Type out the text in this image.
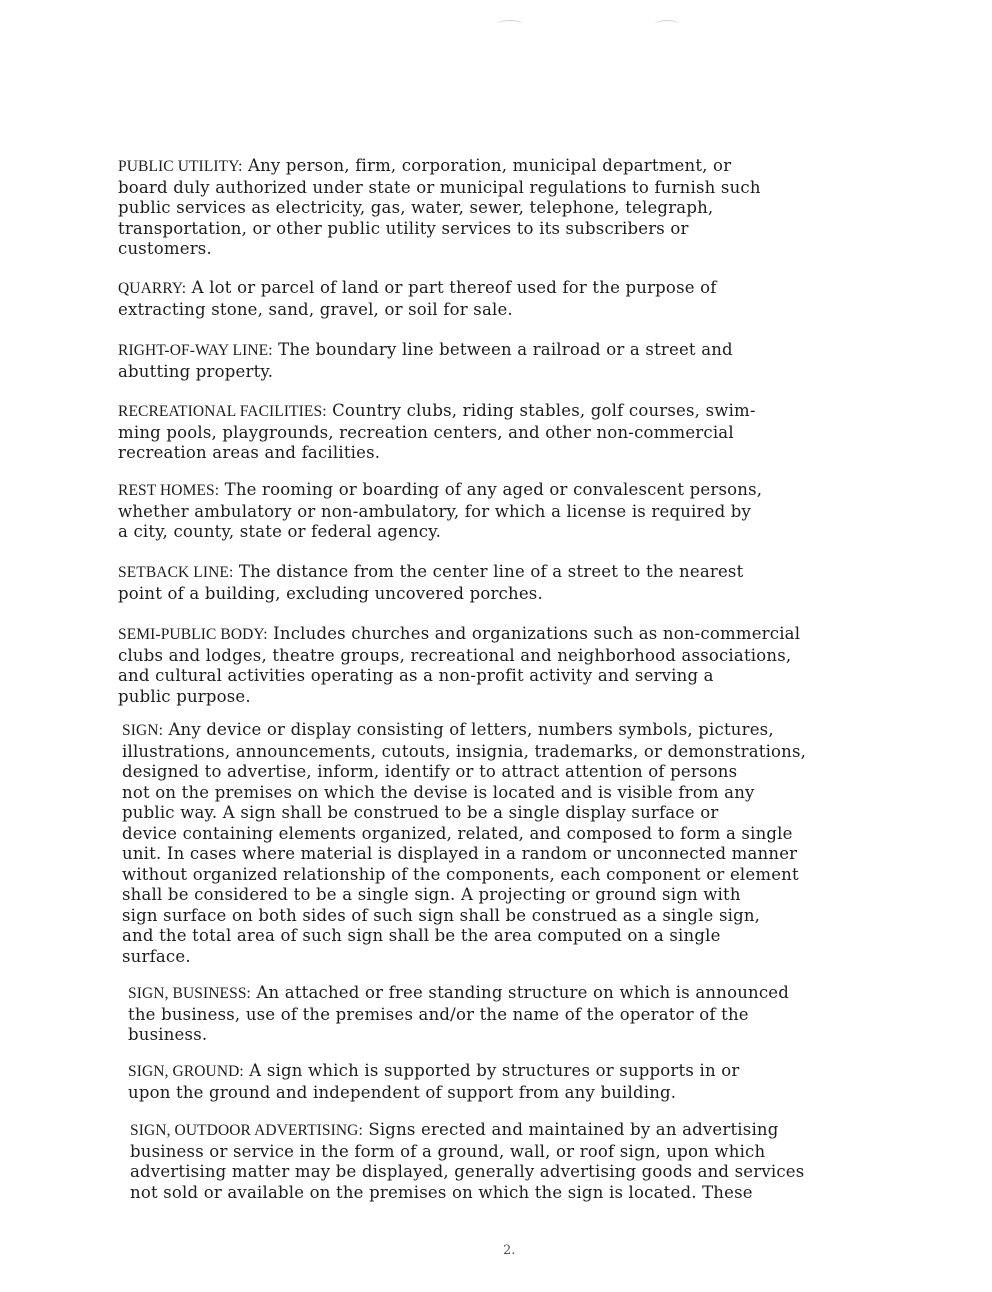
PUBLIC UTILITY: Any person, firm, corporation, municipal department, or
board duly authorized under state or municipal regulations to furnish such
public services as electricity, gas, water, sewer, telephone, telegraph,
transportation, or other public utility services to its subscribers or
customers.

QUARRY: A lot or parcel of land or part thereof used for the purpose of
extracting stone, sand, gravel, or soil for sale.

RIGHT-OF-WAY LINE: The boundary line between a railroad or a street and
abutting property.

RECREATIONAL FACILITIES: Country clubs, riding stables, golf courses, swim-
ming pools, playgrounds, recreation centers, and other non-commercial
recreation areas and facilities.

REST HOMES: The rooming or boarding of any aged or convalescent persons,
whether ambulatory or non-ambulatory, for which a license is required by
a city, county, state or federal agency.

SETBACK LINE: The distance from the center line of a street to the nearest
point of a building, excluding uncovered porches.

SEMI-PUBLIC BODY: Includes churches and organizations such as non-commercial
clubs and lodges, theatre groups, recreational and neighborhood associations,
and cultural activities operating as a non-profit activity and serving a
public purpose.

SIGN: Any device or display consisting of letters, numbers symbols, pictures,
illustrations, announcements, cutouts, insignia, trademarks, or demonstrations,
designed to advertise, inform, identify or to attract attention of persons
not on the premises on which the devise is located and is visible from any
public way. A sign shall be construed to be a single display surface or
device containing elements organized, related, and composed to form a single
unit. In cases where material is displayed in a random or unconnected manner
without organized relationship of the components, each component or element
shall be considered to be a single sign. A projecting or ground sign with
sign surface on both sides of such sign shall be construed as a single sign,
and the total area of such sign shall be the area computed on a single
surface.

SIGN, BUSINESS: An attached or free standing structure on which is announced
the business, use of the premises and/or the name of the operator of the
business.

SIGN, GROUND: A sign which is supported by structures or supports in or
upon the ground and independent of support from any building.

SIGN, OUTDOOR ADVERTISING: Signs erected and maintained by an advertising
business or service in the form of a ground, wall, or roof sign, upon which
advertising matter may be displayed, generally advertising goods and services
not sold or available on the premises on which the sign is located. These

2.
